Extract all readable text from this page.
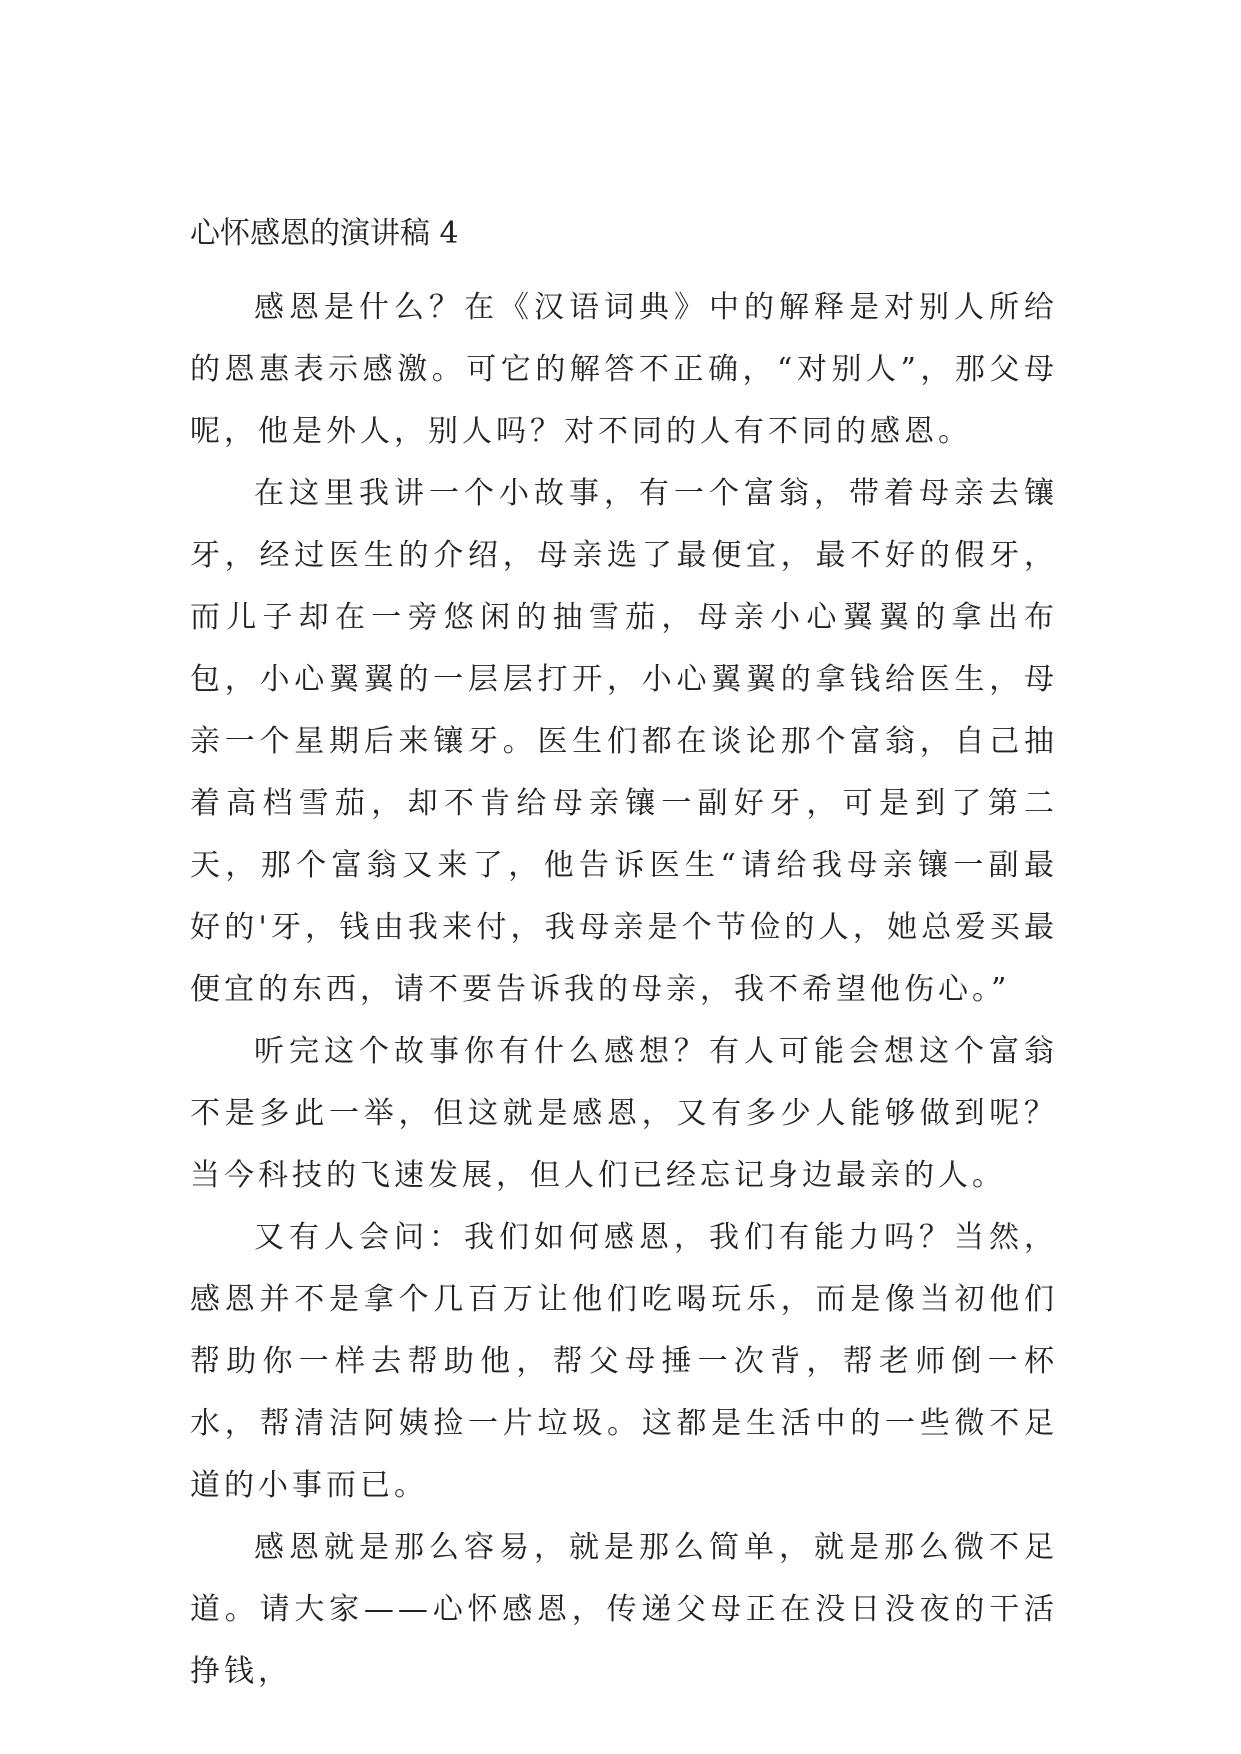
心怀感恩的演讲稿 4

感恩是什么？在《汉语词典》中的解释是对别人所给的恩惠表示感激。可它的解答不正确，“对别人”，那父母呢，他是外人，别人吗？对不同的人有不同的感恩。

在这里我讲一个小故事，有一个富翁，带着母亲去镶牙，经过医生的介绍，母亲选了最便宜，最不好的假牙，而儿子却在一旁悠闲的抽雪茄，母亲小心翼翼的拿出布包，小心翼翼的一层层打开，小心翼翼的拿钱给医生，母亲一个星期后来镶牙。医生们都在谈论那个富翁，自己抽着高档雪茄，却不肯给母亲镶一副好牙，可是到了第二天，那个富翁又来了，他告诉医生“请给我母亲镶一副最好的'牙，钱由我来付，我母亲是个节俭的人，她总爱买最便宜的东西，请不要告诉我的母亲，我不希望他伤心。”

听完这个故事你有什么感想？有人可能会想这个富翁不是多此一举，但这就是感恩，又有多少人能够做到呢？当今科技的飞速发展，但人们已经忘记身边最亲的人。

又有人会问：我们如何感恩，我们有能力吗？当然，感恩并不是拿个几百万让他们吃喝玩乐，而是像当初他们帮助你一样去帮助他，帮父母捶一次背，帮老师倒一杯水，帮清洁阿姨捡一片垃圾。这都是生活中的一些微不足道的小事而已。

感恩就是那么容易，就是那么简单，就是那么微不足道。请大家——心怀感恩，传递父母正在没日没夜的干活挣钱，
